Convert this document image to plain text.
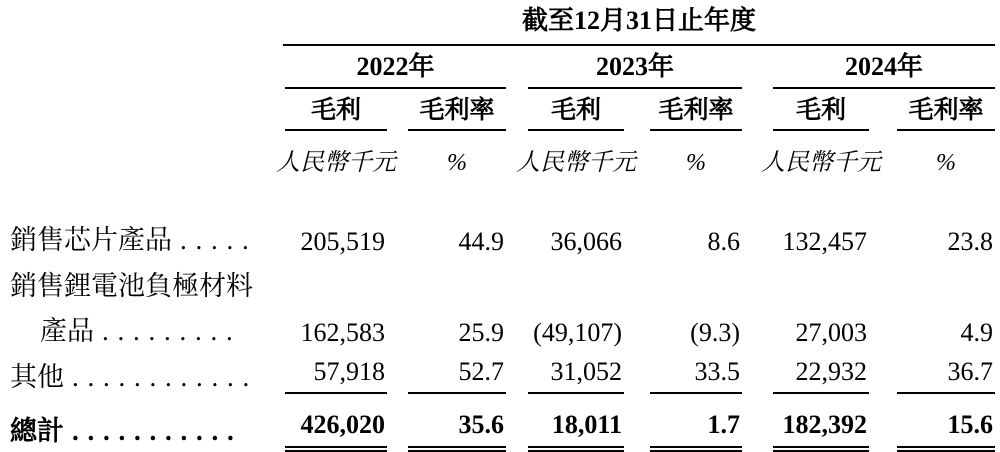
	截至12月31日止年度					

	2022年		2023年		2024年	

	毛利	毛利率	毛利	毛利率	毛利	毛利率

人民幣千元	%	人民幣千元	%	人民幣千元	%

銷售芯片產品 . . . . .	205,519	44.9	36,066	8.6	132,457	23.8

銷售鋰電池負極材料						
產品 . . . . . . . . .	162,583	25.9	(49,107)	(9.3)	27,003	4.9

其他 . . . . . . . . . . . .	57,918	52.7	31,052	33.5	22,932	36.7

總計 . . . . . . . . . . .	426,020	35.6	18,011	1.7	182,392	15.6
